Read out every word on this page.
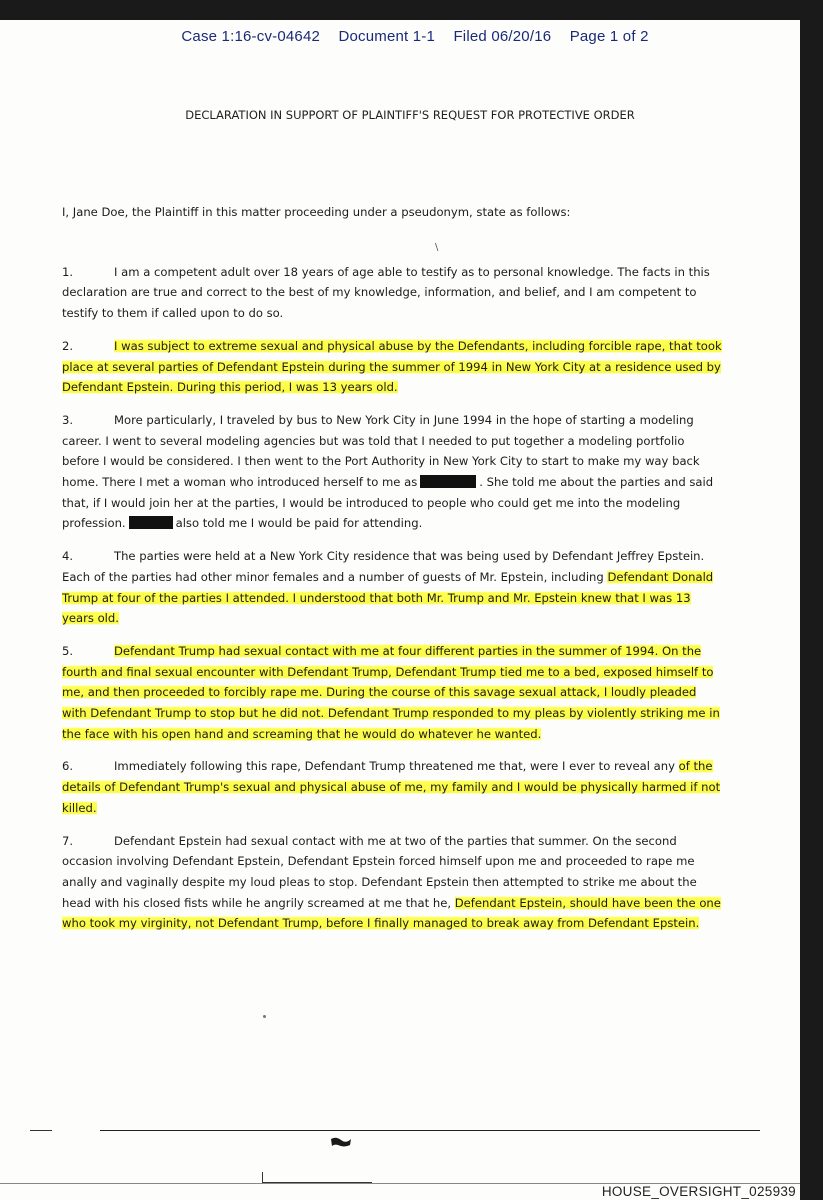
Case 1:16-cv-04642 Document 1-1 Filed 06/20/16 Page 1 of 2
DECLARATION IN SUPPORT OF PLAINTIFF'S REQUEST FOR PROTECTIVE ORDER
\

I, Jane Doe, the Plaintiff in this matter proceeding under a pseudonym, state as follows:

1.	I am a competent adult over 18 years of age able to testify as to personal knowledge. The facts in this declaration are true and correct to the best of my knowledge, information, and belief, and I am competent to testify to them if called upon to do so.

2.	I was subject to extreme sexual and physical abuse by the Defendants, including forcible rape, that took place at several parties of Defendant Epstein during the summer of 1994 in New York City at a residence used by Defendant Epstein. During this period, I was 13 years old.

3.	More particularly, I traveled by bus to New York City in June 1994 in the hope of starting a modeling career. I went to several modeling agencies but was told that I needed to put together a modeling portfolio before I would be considered. I then went to the Port Authority in New York City to start to make my way back home. There I met a woman who introduced herself to me as	. She told me about the parties and said that, if I would join her at the parties, I would be introduced to people who could get me into the modeling profession.	also told me I would be paid for attending.

4.	The parties were held at a New York City residence that was being used by Defendant Jeffrey Epstein. Each of the parties had other minor females and a number of guests of Mr. Epstein, including Defendant Donald Trump at four of the parties I attended. I understood that both Mr. Trump and Mr. Epstein knew that I was 13 years old.

5.	Defendant Trump had sexual contact with me at four different parties in the summer of 1994. On the fourth and final sexual encounter with Defendant Trump, Defendant Trump tied me to a bed, exposed himself to me, and then proceeded to forcibly rape me. During the course of this savage sexual attack, I loudly pleaded with Defendant Trump to stop but he did not. Defendant Trump responded to my pleas by violently striking me in the face with his open hand and screaming that he would do whatever he wanted.

6.	Immediately following this rape, Defendant Trump threatened me that, were I ever to reveal any of the details of Defendant Trump's sexual and physical abuse of me, my family and I would be physically harmed if not killed.

7.	Defendant Epstein had sexual contact with me at two of the parties that summer. On the second occasion involving Defendant Epstein, Defendant Epstein forced himself upon me and proceeded to rape me anally and vaginally despite my loud pleas to stop. Defendant Epstein then attempted to strike me about the head with his closed fists while he angrily screamed at me that he, Defendant Epstein, should have been the one who took my virginity, not Defendant Trump, before I finally managed to break away from Defendant Epstein.

HOUSE_OVERSIGHT_025939
